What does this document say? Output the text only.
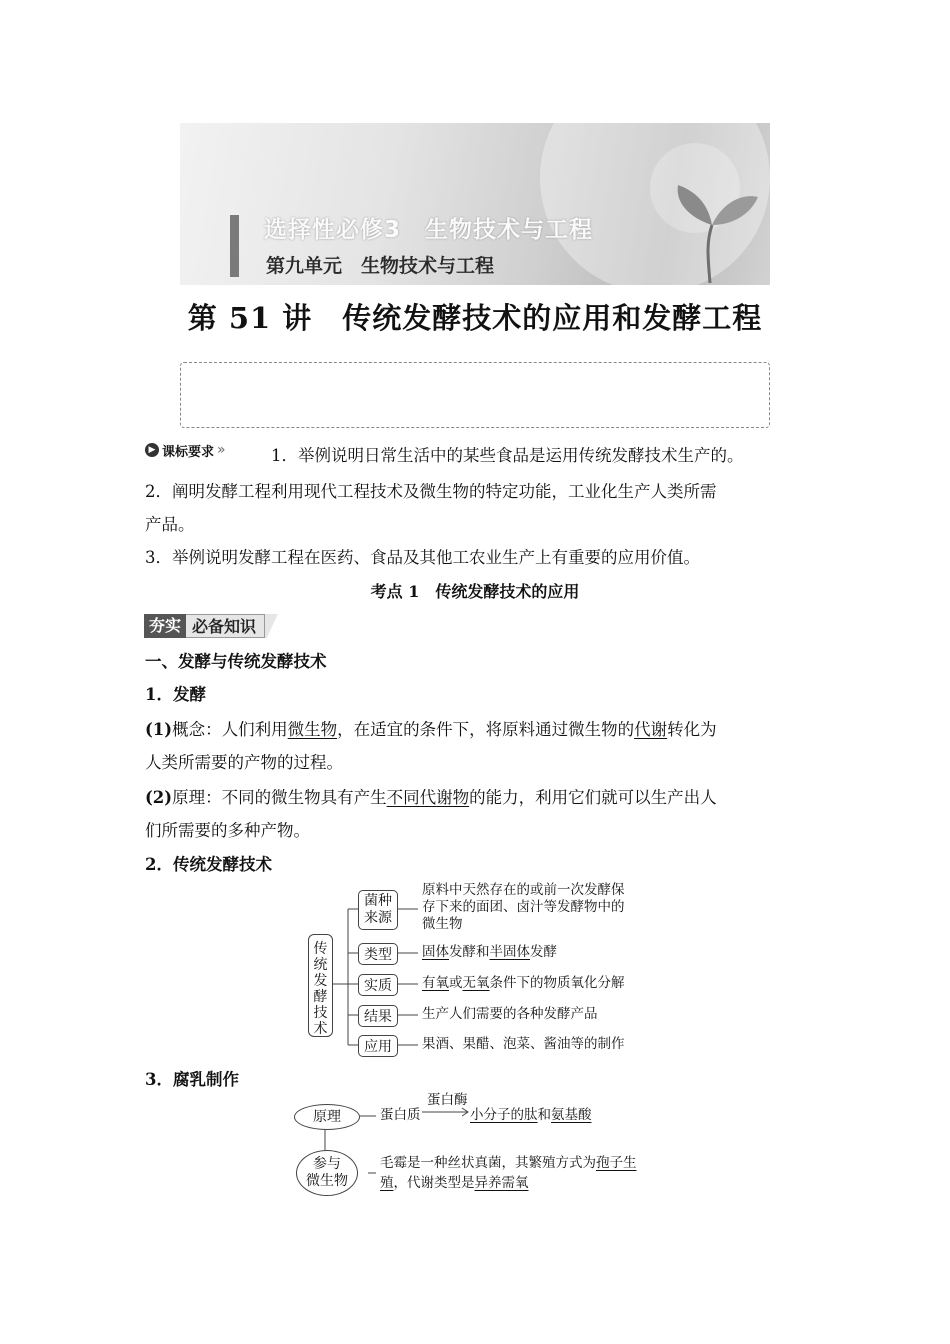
选择性必修3　生物技术与工程
第九单元　生物技术与工程
第 51 讲　传统发酵技术的应用和发酵工程
▶ 课标要求 »	1．举例说明日常生活中的某些食品是运用传统发酵技术生产的。
2．阐明发酵工程利用现代工程技术及微生物的特定功能，工业化生产人类所需
产品。
3．举例说明发酵工程在医药、食品及其他工农业生产上有重要的应用价值。
考点 1　传统发酵技术的应用
夯实 必备知识
一、发酵与传统发酵技术
1．发酵
(1)概念：人们利用微生物，在适宜的条件下，将原料通过微生物的代谢转化为
人类所需要的产物的过程。
(2)原理：不同的微生物具有产生不同代谢物的能力，利用它们就可以生产出人
们所需要的多种产物。
2．传统发酵技术
传
统
发
酵
技
术
菌种来源
原料中天然存在的或前一次发酵保
存下来的面团、卤汁等发酵物中的
微生物
类型 固体发酵和半固体发酵
实质 有氧或无氧条件下的物质氧化分解
结果 生产人们需要的各种发酵产品
应用 果酒、果醋、泡菜、酱油等的制作
3．腐乳制作
原理
参与
微生物
蛋白质
蛋白酶
小分子的肽和氨基酸
毛霉是一种丝状真菌，其繁殖方式为孢子生
殖，代谢类型是异养需氧
